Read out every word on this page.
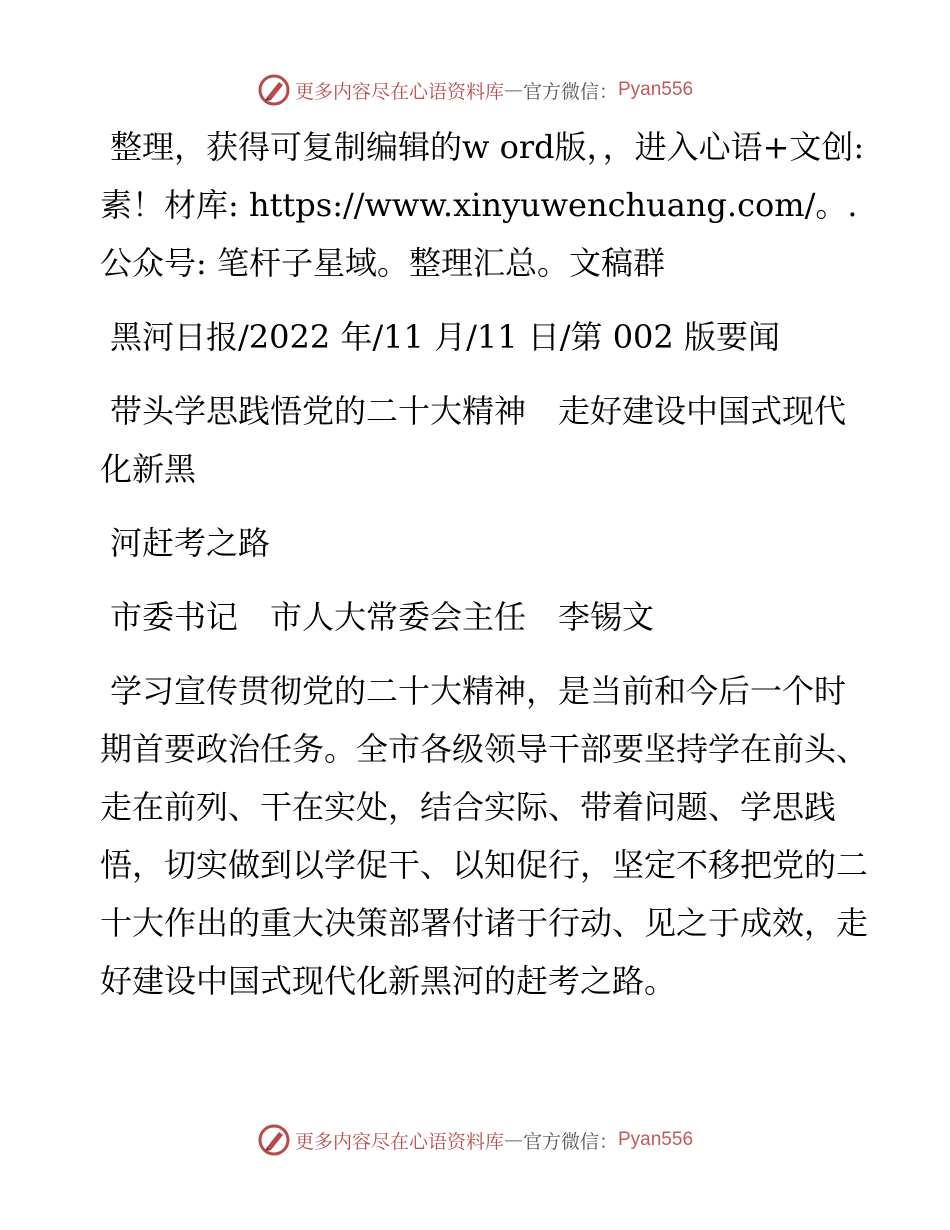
更多内容尽在心语资料库 — 官方微信： Pyan556

整理，获得可复制编辑的w ord版，，进入心语+文创:素！材库: https://www.xinyuwenchuang.com/。.公众号: 笔杆子星域。整理汇总。文稿群

黑河日报/2022 年/11 月/11 日/第 002 版要闻

带头学思践悟党的二十大精神　走好建设中国式现代化新黑

河赶考之路

市委书记　市人大常委会主任　李锡文

学习宣传贯彻党的二十大精神，是当前和今后一个时期首要政治任务。全市各级领导干部要坚持学在前头、走在前列、干在实处，结合实际、带着问题、学思践悟，切实做到以学促干、以知促行，坚定不移把党的二十大作出的重大决策部署付诸于行动、见之于成效，走好建设中国式现代化新黑河的赶考之路。

更多内容尽在心语资料库 — 官方微信： Pyan556
